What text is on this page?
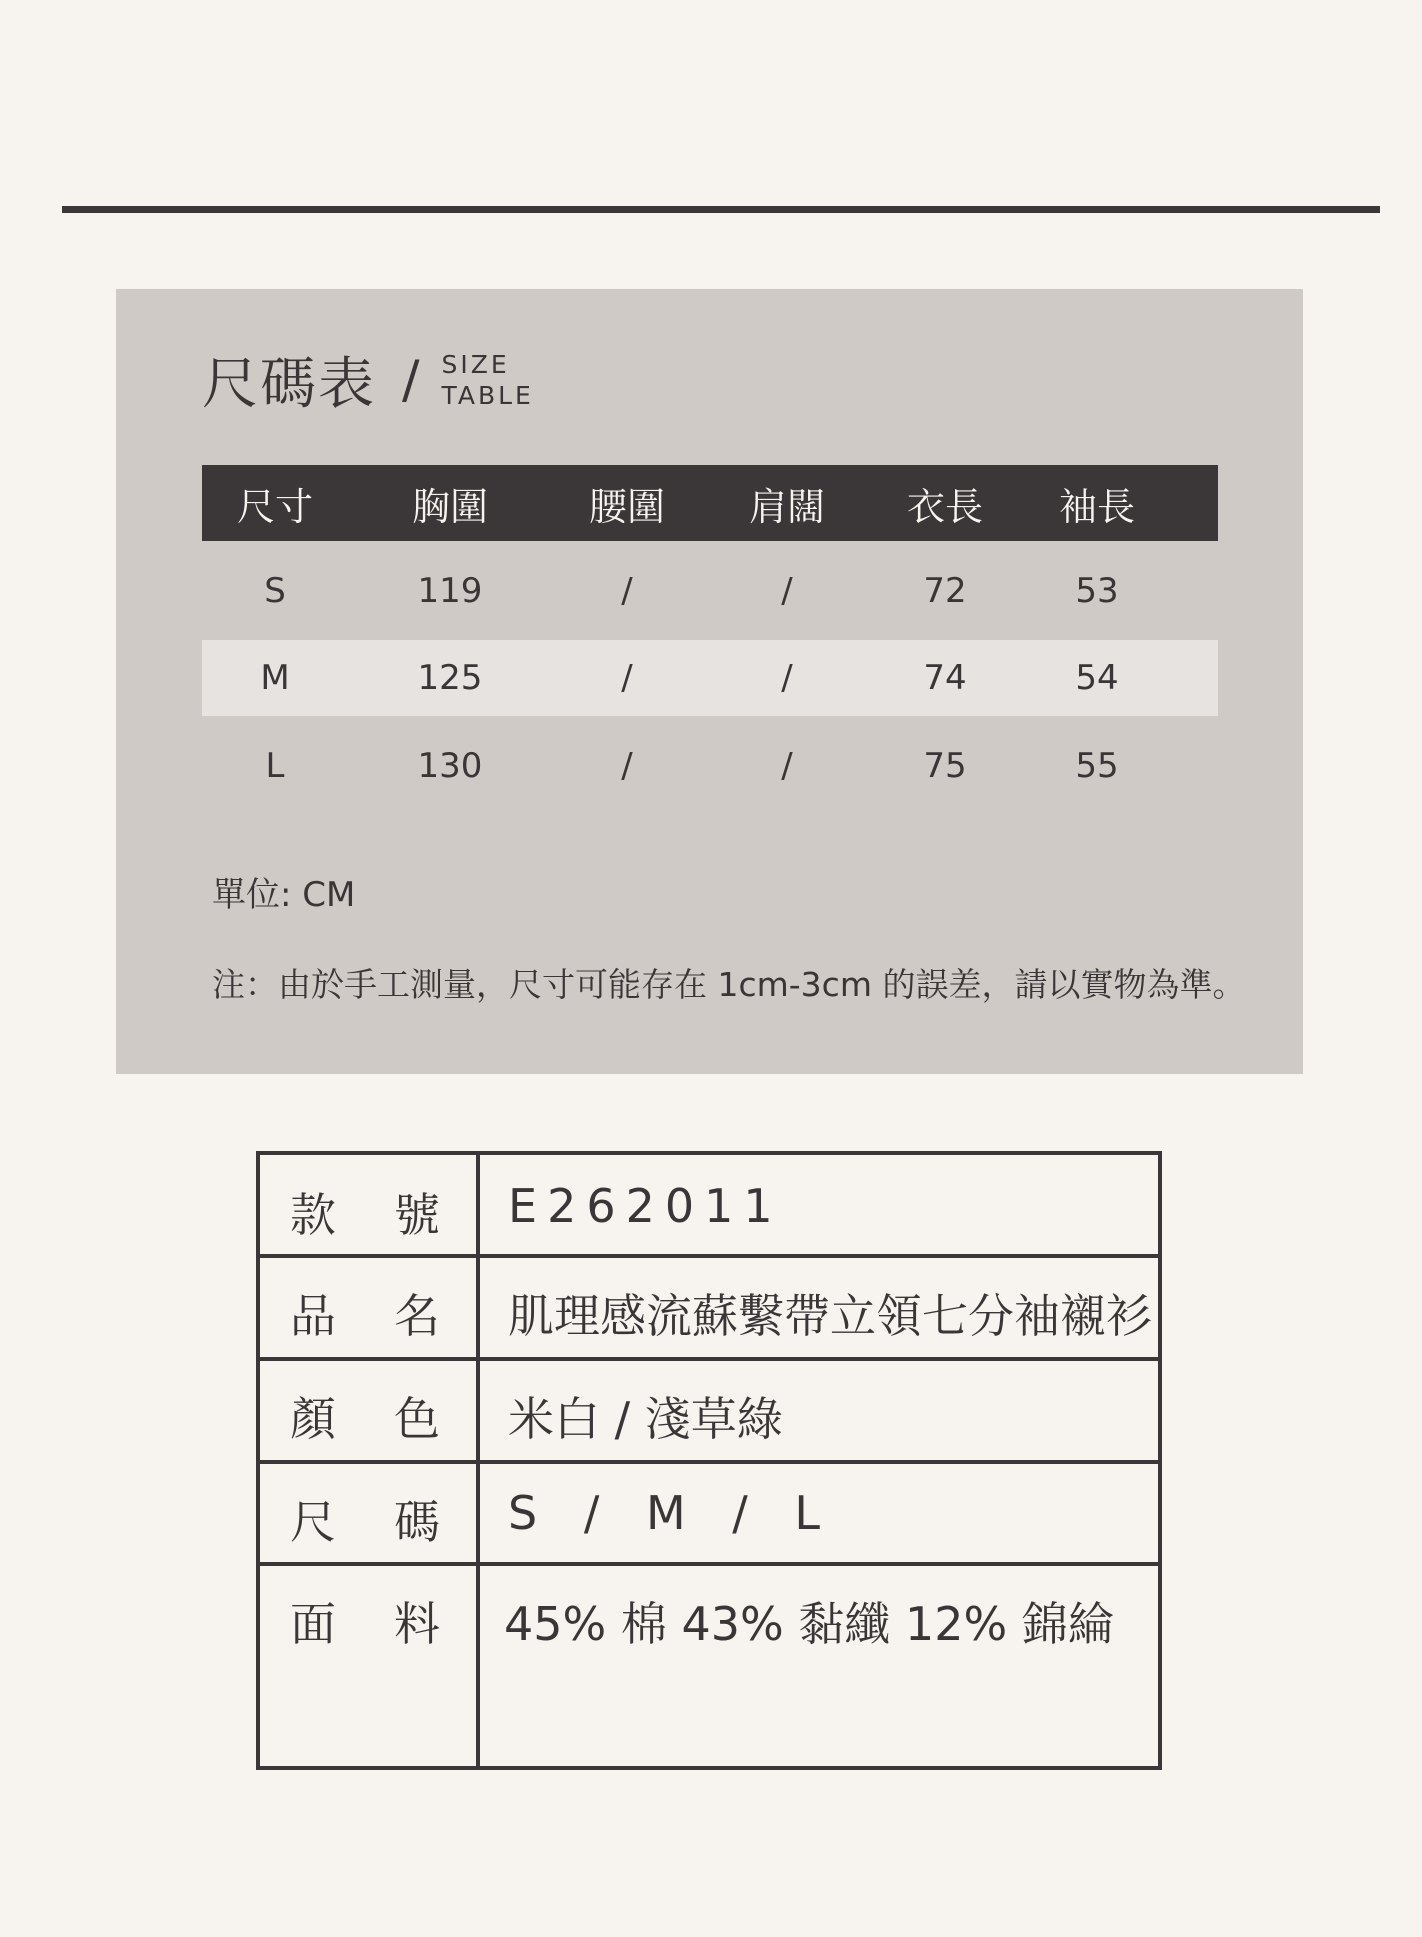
尺碼表 / SIZE
TABLE
尺寸	胸圍	腰圍	肩闊	衣長	袖長
S	119	/	/	72	53
M	125	/	/	74	54
L	130	/	/	75	55
單位: CM
注：由於手工測量，尺寸可能存在 1cm-3cm 的誤差，請以實物為準。
款 號 E262011
品 名 肌理感流蘇繫帶立領七分袖襯衫
顏 色 米白 / 淺草綠
尺 碼 S / M / L
面 料 45% 棉 43% 黏纖 12% 錦綸
